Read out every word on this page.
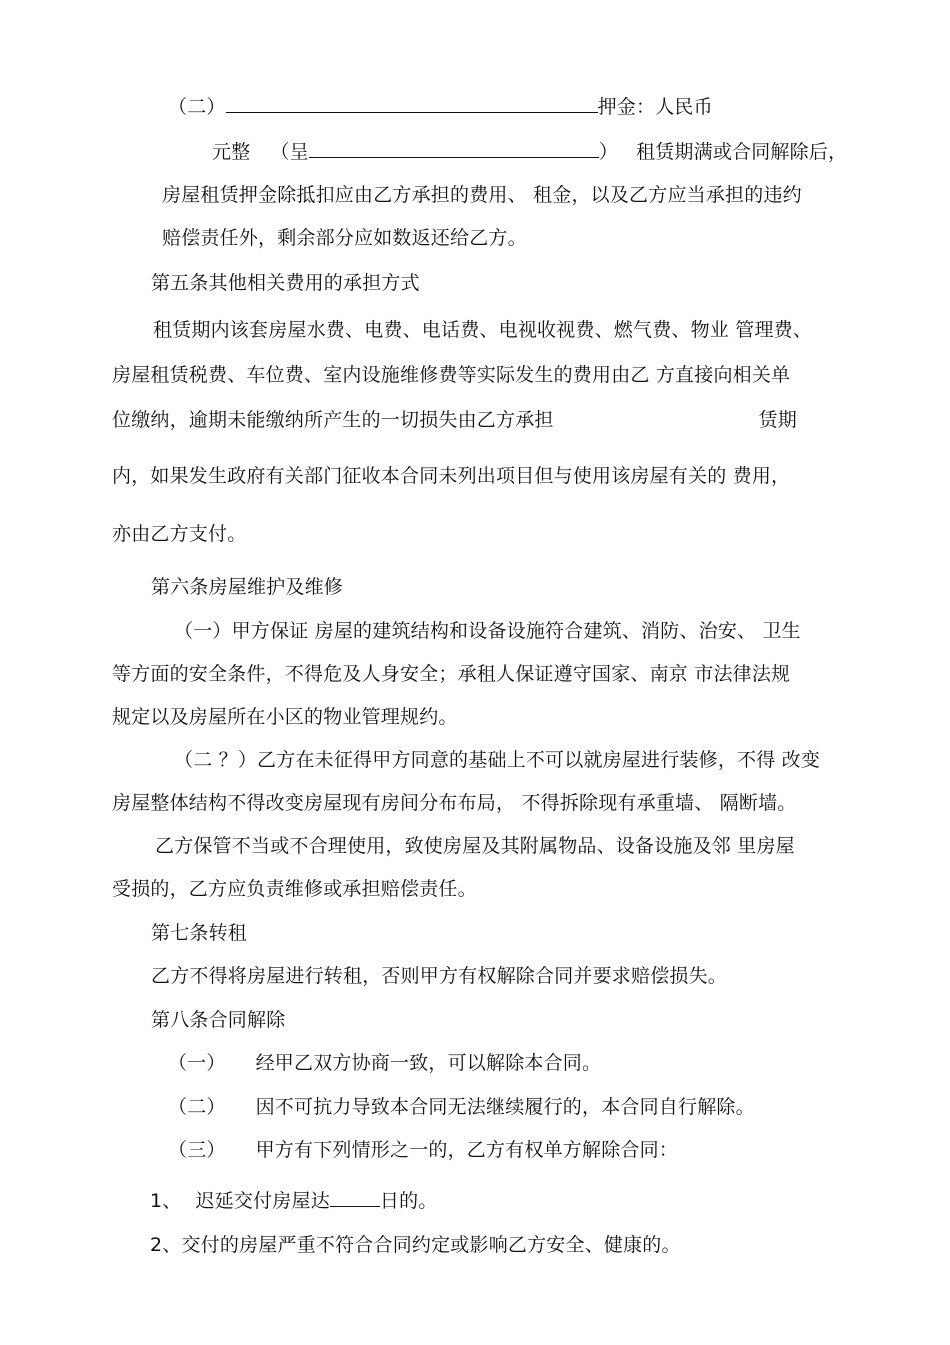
（二）	押金：人民币
元整 （呈	） 租赁期满或合同解除后，
房屋租赁押金除抵扣应由乙方承担的费用、 租金，以及乙方应当承担的违约
赔偿责任外，剩余部分应如数返还给乙方。
第五条其他相关费用的承担方式
租赁期内该套房屋水费、电费、电话费、电视收视费、燃气费、物业 管理费、
房屋租赁税费、车位费、室内设施维修费等实际发生的费用由乙 方直接向相关单
位缴纳，逾期未能缴纳所产生的一切损失由乙方承担	赁期
内，如果发生政府有关部门征收本合同未列出项目但与使用该房屋有关的 费用，
亦由乙方支付。
第六条房屋维护及维修
（一）甲方保证 房屋的建筑结构和设备设施符合建筑、消防、治安、 卫生
等方面的安全条件，不得危及人身安全；承租人保证遵守国家、南京 市法律法规
规定以及房屋所在小区的物业管理规约。
（二 ？）乙方在未征得甲方同意的基础上不可以就房屋进行装修，不得 改变
房屋整体结构不得改变房屋现有房间分布布局， 不得拆除现有承重墙、 隔断墙。
乙方保管不当或不合理使用，致使房屋及其附属物品、设备设施及邻 里房屋
受损的，乙方应负责维修或承担赔偿责任。
第七条转租
乙方不得将房屋进行转租，否则甲方有权解除合同并要求赔偿损失。
第八条合同解除
（一） 经甲乙双方协商一致，可以解除本合同。
（二） 因不可抗力导致本合同无法继续履行的，本合同自行解除。
（三） 甲方有下列情形之一的，乙方有权单方解除合同：
1、 迟延交付房屋达	日的。
2、交付的房屋严重不符合合同约定或影响乙方安全、健康的。
